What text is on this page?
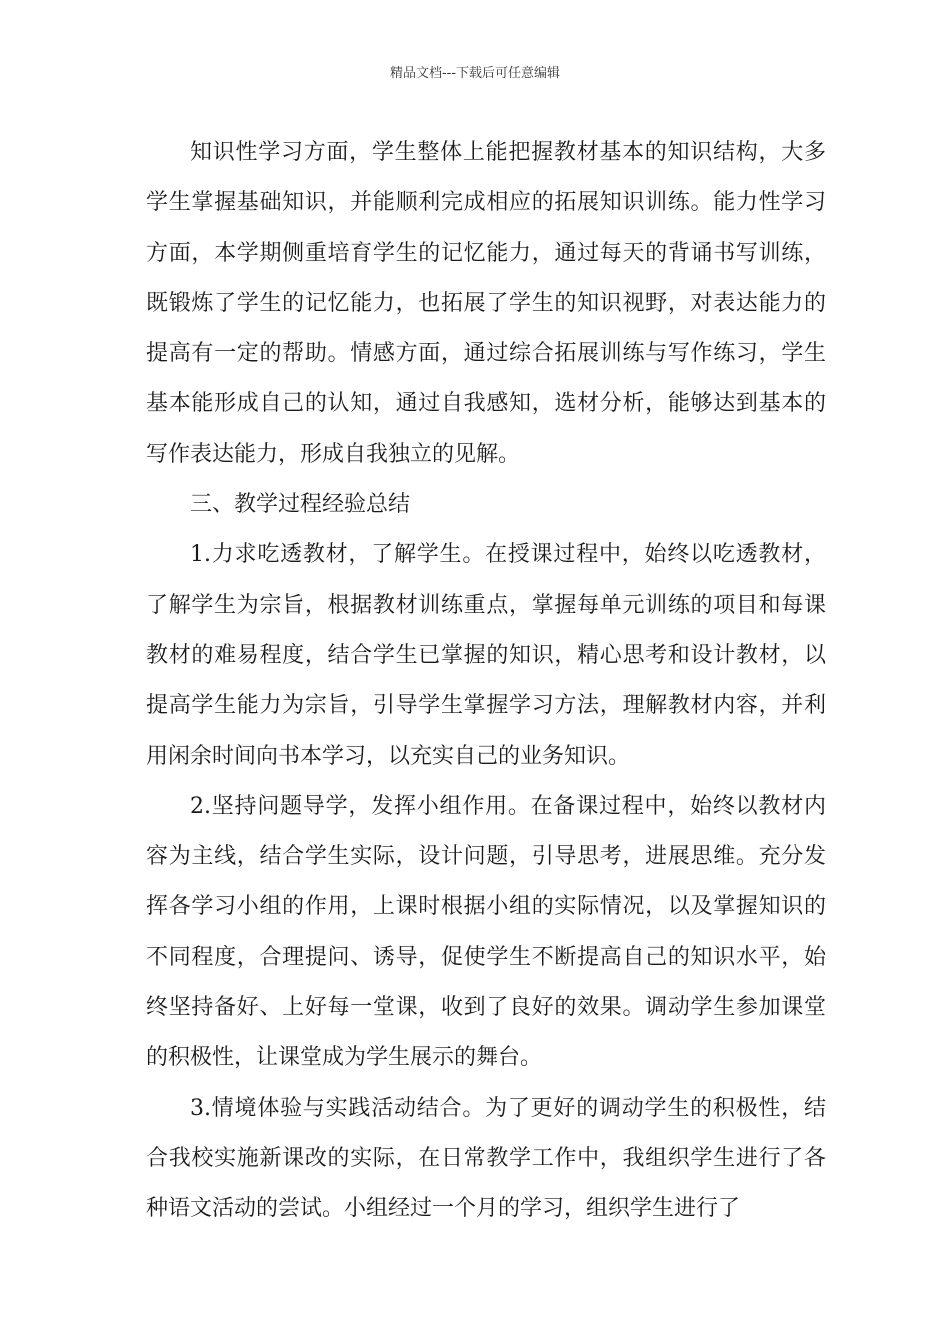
精品文档---下载后可任意编辑

知识性学习方面，学生整体上能把握教材基本的知识结构，大多学生掌握基础知识，并能顺利完成相应的拓展知识训练。能力性学习方面，本学期侧重培育学生的记忆能力，通过每天的背诵书写训练，既锻炼了学生的记忆能力，也拓展了学生的知识视野，对表达能力的提高有一定的帮助。情感方面，通过综合拓展训练与写作练习，学生基本能形成自己的认知，通过自我感知，选材分析，能够达到基本的写作表达能力，形成自我独立的见解。

三、教学过程经验总结

1.力求吃透教材，了解学生。在授课过程中，始终以吃透教材，了解学生为宗旨，根据教材训练重点，掌握每单元训练的项目和每课教材的难易程度，结合学生已掌握的知识，精心思考和设计教材，以提高学生能力为宗旨，引导学生掌握学习方法，理解教材内容，并利用闲余时间向书本学习，以充实自己的业务知识。

2.坚持问题导学，发挥小组作用。在备课过程中，始终以教材内容为主线，结合学生实际，设计问题，引导思考，进展思维。充分发挥各学习小组的作用，上课时根据小组的实际情况，以及掌握知识的不同程度，合理提问、诱导，促使学生不断提高自己的知识水平，始终坚持备好、上好每一堂课，收到了良好的效果。调动学生参加课堂的积极性，让课堂成为学生展示的舞台。

3.情境体验与实践活动结合。为了更好的调动学生的积极性，结合我校实施新课改的实际，在日常教学工作中，我组织学生进行了各种语文活动的尝试。小组经过一个月的学习，组织学生进行了
